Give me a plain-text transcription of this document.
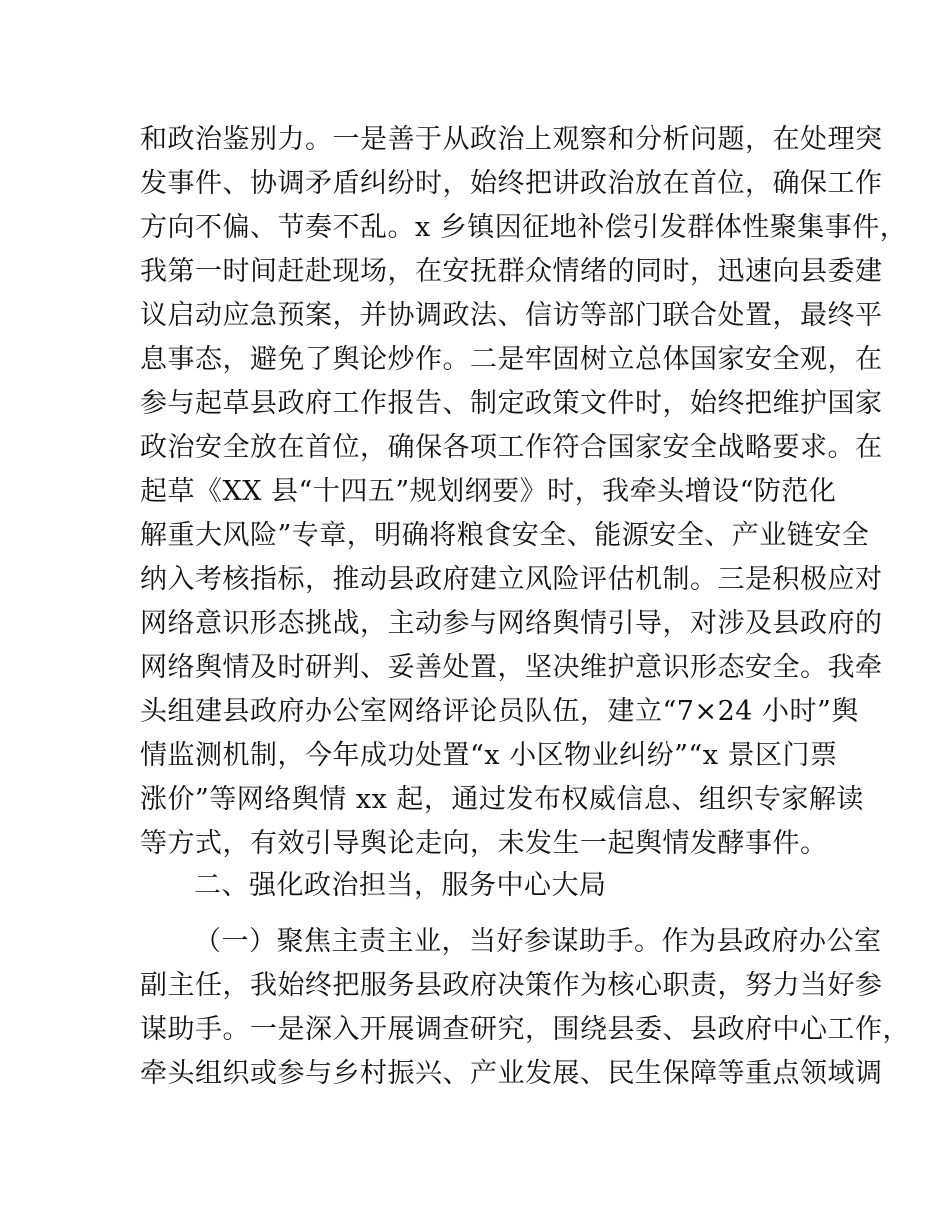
和政治鉴别力。一是善于从政治上观察和分析问题，在处理突
发事件、协调矛盾纠纷时，始终把讲政治放在首位，确保工作
方向不偏、节奏不乱。x 乡镇因征地补偿引发群体性聚集事件，
我第一时间赶赴现场，在安抚群众情绪的同时，迅速向县委建
议启动应急预案，并协调政法、信访等部门联合处置，最终平
息事态，避免了舆论炒作。二是牢固树立总体国家安全观，在
参与起草县政府工作报告、制定政策文件时，始终把维护国家
政治安全放在首位，确保各项工作符合国家安全战略要求。在
起草《XX 县“十四五”规划纲要》时，我牵头增设“防范化
解重大风险”专章，明确将粮食安全、能源安全、产业链安全
纳入考核指标，推动县政府建立风险评估机制。三是积极应对
网络意识形态挑战，主动参与网络舆情引导，对涉及县政府的
网络舆情及时研判、妥善处置，坚决维护意识形态安全。我牵
头组建县政府办公室网络评论员队伍，建立“7×24 小时”舆
情监测机制，今年成功处置“x 小区物业纠纷”“x 景区门票
涨价”等网络舆情 xx 起，通过发布权威信息、组织专家解读
等方式，有效引导舆论走向，未发生一起舆情发酵事件。
二、强化政治担当，服务中心大局
（一）聚焦主责主业，当好参谋助手。作为县政府办公室
副主任，我始终把服务县政府决策作为核心职责，努力当好参
谋助手。一是深入开展调查研究，围绕县委、县政府中心工作，
牵头组织或参与乡村振兴、产业发展、民生保障等重点领域调
